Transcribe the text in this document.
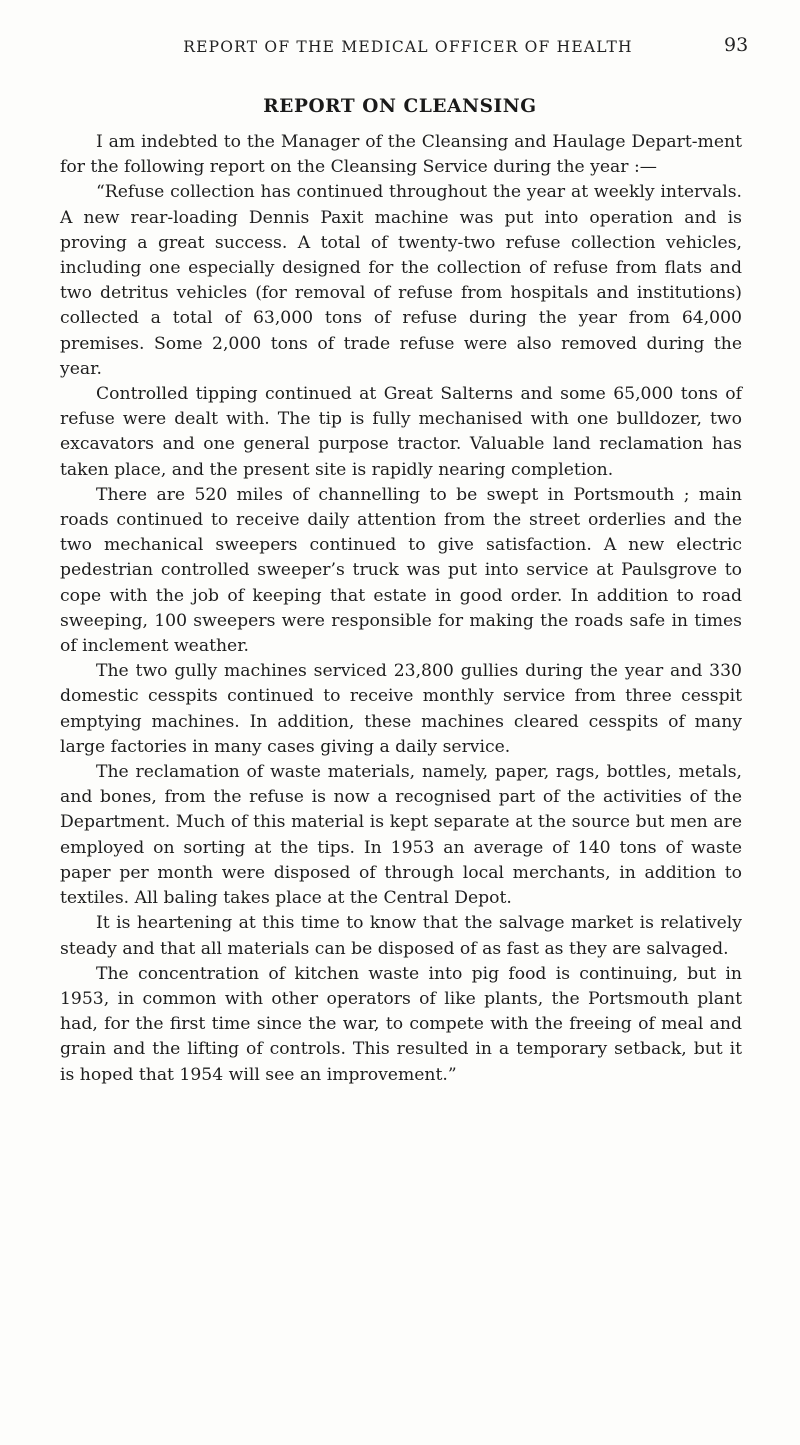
REPORT OF THE MEDICAL OFFICER OF HEALTH	93
REPORT ON CLEANSING

I am indebted to the Manager of the Cleansing and Haulage Depart-ment for the following report on the Cleansing Service during the year :—

“Refuse collection has continued throughout the year at weekly intervals. A new rear-loading Dennis Paxit machine was put into operation and is proving a great success. A total of twenty-two refuse collection vehicles, including one especially designed for the collection of refuse from flats and two detritus vehicles (for removal of refuse from hospitals and institutions) collected a total of 63,000 tons of refuse during the year from 64,000 premises. Some 2,000 tons of trade refuse were also removed during the year.

Controlled tipping continued at Great Salterns and some 65,000 tons of refuse were dealt with. The tip is fully mechanised with one bulldozer, two excavators and one general purpose tractor. Valuable land reclamation has taken place, and the present site is rapidly nearing completion.

There are 520 miles of channelling to be swept in Portsmouth ; main roads continued to receive daily attention from the street orderlies and the two mechanical sweepers continued to give satisfaction. A new electric pedestrian controlled sweeper’s truck was put into service at Paulsgrove to cope with the job of keeping that estate in good order. In addition to road sweeping, 100 sweepers were responsible for making the roads safe in times of inclement weather.

The two gully machines serviced 23,800 gullies during the year and 330 domestic cesspits continued to receive monthly service from three cesspit emptying machines. In addition, these machines cleared cesspits of many large factories in many cases giving a daily service.

The reclamation of waste materials, namely, paper, rags, bottles, metals, and bones, from the refuse is now a recognised part of the activities of the Department. Much of this material is kept separate at the source but men are employed on sorting at the tips. In 1953 an average of 140 tons of waste paper per month were disposed of through local merchants, in addition to textiles. All baling takes place at the Central Depot.

It is heartening at this time to know that the salvage market is relatively steady and that all materials can be disposed of as fast as they are salvaged.

The concentration of kitchen waste into pig food is continuing, but in 1953, in common with other operators of like plants, the Portsmouth plant had, for the first time since the war, to compete with the freeing of meal and grain and the lifting of controls. This resulted in a temporary setback, but it is hoped that 1954 will see an improvement.”
